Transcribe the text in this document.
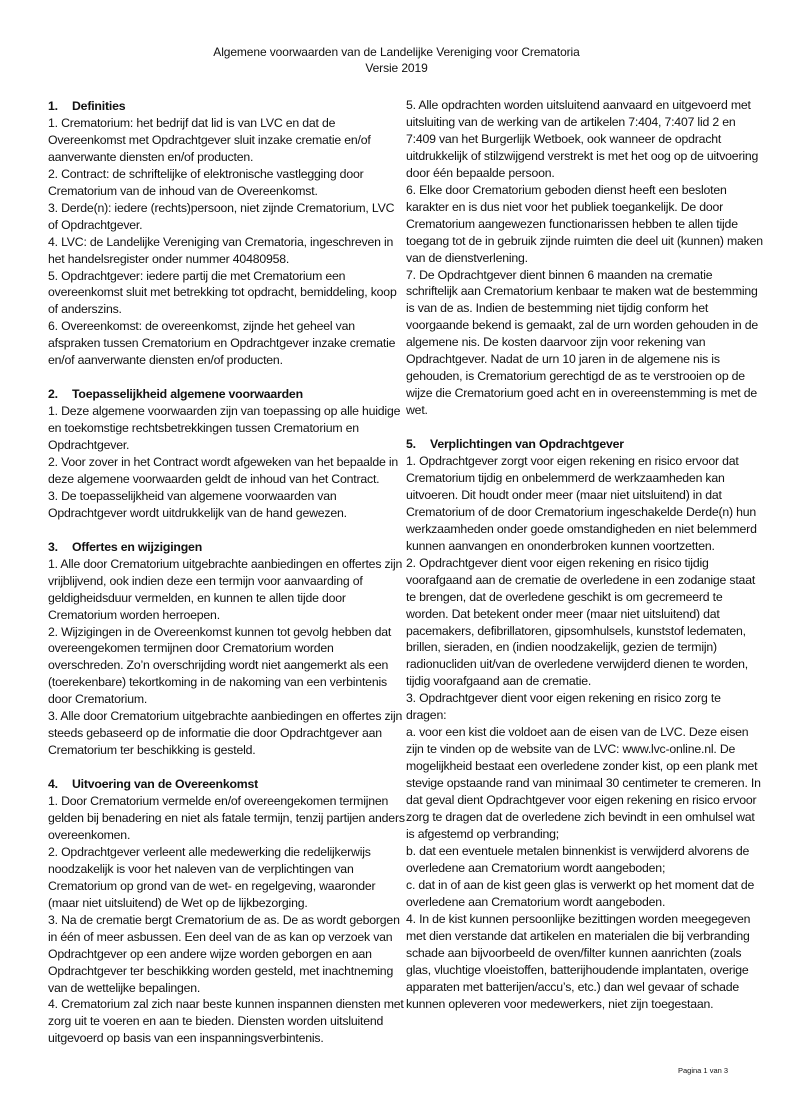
Algemene voorwaarden van de Landelijke Vereniging voor Crematoria
Versie 2019
1.	Definities

1. Crematorium: het bedrijf dat lid is van LVC en dat de Overeenkomst met Opdrachtgever sluit inzake crematie en/of aanverwante diensten en/of producten.

2. Contract: de schriftelijke of elektronische vastlegging door Crematorium van de inhoud van de Overeenkomst.

3. Derde(n): iedere (rechts)persoon, niet zijnde Crematorium, LVC of Opdrachtgever.

4. LVC: de Landelijke Vereniging van Crematoria, ingeschreven in het handelsregister onder nummer 40480958.

5. Opdrachtgever: iedere partij die met Crematorium een overeenkomst sluit met betrekking tot opdracht, bemiddeling, koop of anderszins.

6. Overeenkomst: de overeenkomst, zijnde het geheel van afspraken tussen Crematorium en Opdrachtgever inzake crematie en/of aanverwante diensten en/of producten.

2.	Toepasselijkheid algemene voorwaarden

1. Deze algemene voorwaarden zijn van toepassing op alle huidige en toekomstige rechtsbetrekkingen tussen Crematorium en Opdrachtgever.

2. Voor zover in het Contract wordt afgeweken van het bepaalde in deze algemene voorwaarden geldt de inhoud van het Contract.

3. De toepasselijkheid van algemene voorwaarden van Opdrachtgever wordt uitdrukkelijk van de hand gewezen.

3.	Offertes en wijzigingen

1. Alle door Crematorium uitgebrachte aanbiedingen en offertes zijn vrijblijvend, ook indien deze een termijn voor aanvaarding of geldigheidsduur vermelden, en kunnen te allen tijde door Crematorium worden herroepen.

2. Wijzigingen in de Overeenkomst kunnen tot gevolg hebben dat overeengekomen termijnen door Crematorium worden overschreden. Zo’n overschrijding wordt niet aangemerkt als een (toerekenbare) tekortkoming in de nakoming van een verbintenis door Crematorium.

3. Alle door Crematorium uitgebrachte aanbiedingen en offertes zijn steeds gebaseerd op de informatie die door Opdrachtgever aan Crematorium ter beschikking is gesteld.

4.	Uitvoering van de Overeenkomst

1. Door Crematorium vermelde en/of overeengekomen termijnen gelden bij benadering en niet als fatale termijn, tenzij partijen anders overeenkomen.

2. Opdrachtgever verleent alle medewerking die redelijkerwijs noodzakelijk is voor het naleven van de verplichtingen van Crematorium op grond van de wet- en regelgeving, waaronder (maar niet uitsluitend) de Wet op de lijkbezorging.

3. Na de crematie bergt Crematorium de as. De as wordt geborgen in één of meer asbussen. Een deel van de as kan op verzoek van Opdrachtgever op een andere wijze worden geborgen en aan Opdrachtgever ter beschikking worden gesteld, met inachtneming van de wettelijke bepalingen.

4. Crematorium zal zich naar beste kunnen inspannen diensten met zorg uit te voeren en aan te bieden. Diensten worden uitsluitend uitgevoerd op basis van een inspanningsverbintenis.

5. Alle opdrachten worden uitsluitend aanvaard en uitgevoerd met uitsluiting van de werking van de artikelen 7:404, 7:407 lid 2 en 7:409 van het Burgerlijk Wetboek, ook wanneer de opdracht uitdrukkelijk of stilzwijgend verstrekt is met het oog op de uitvoering door één bepaalde persoon.

6. Elke door Crematorium geboden dienst heeft een besloten karakter en is dus niet voor het publiek toegankelijk. De door Crematorium aangewezen functionarissen hebben te allen tijde toegang tot de in gebruik zijnde ruimten die deel uit (kunnen) maken van de dienstverlening.

7. De Opdrachtgever dient binnen 6 maanden na crematie schriftelijk aan Crematorium kenbaar te maken wat de bestemming is van de as. Indien de bestemming niet tijdig conform het voorgaande bekend is gemaakt, zal de urn worden gehouden in de algemene nis. De kosten daarvoor zijn voor rekening van Opdrachtgever. Nadat de urn 10 jaren in de algemene nis is gehouden, is Crematorium gerechtigd de as te verstrooien op de wijze die Crematorium goed acht en in overeenstemming is met de wet.

5.	Verplichtingen van Opdrachtgever

1. Opdrachtgever zorgt voor eigen rekening en risico ervoor dat Crematorium tijdig en onbelemmerd de werkzaamheden kan uitvoeren. Dit houdt onder meer (maar niet uitsluitend) in dat Crematorium of de door Crematorium ingeschakelde Derde(n) hun werkzaamheden onder goede omstandigheden en niet belemmerd kunnen aanvangen en ononderbroken kunnen voortzetten.

2. Opdrachtgever dient voor eigen rekening en risico tijdig voorafgaand aan de crematie de overledene in een zodanige staat te brengen, dat de overledene geschikt is om gecremeerd te worden. Dat betekent onder meer (maar niet uitsluitend) dat pacemakers, defibrillatoren, gipsomhulsels, kunststof ledematen, brillen, sieraden, en (indien noodzakelijk, gezien de termijn) radionucliden uit/van de overledene verwijderd dienen te worden, tijdig voorafgaand aan de crematie.

3. Opdrachtgever dient voor eigen rekening en risico zorg te dragen:

a. voor een kist die voldoet aan de eisen van de LVC. Deze eisen zijn te vinden op de website van de LVC: www.lvc-online.nl. De mogelijkheid bestaat een overledene zonder kist, op een plank met stevige opstaande rand van minimaal 30 centimeter te cremeren. In dat geval dient Opdrachtgever voor eigen rekening en risico ervoor zorg te dragen dat de overledene zich bevindt in een omhulsel wat is afgestemd op verbranding;

b. dat een eventuele metalen binnenkist is verwijderd alvorens de overledene aan Crematorium wordt aangeboden;

c. dat in of aan de kist geen glas is verwerkt op het moment dat de overledene aan Crematorium wordt aangeboden.

4. In de kist kunnen persoonlijke bezittingen worden meegegeven met dien verstande dat artikelen en materialen die bij verbranding schade aan bijvoorbeeld de oven/filter kunnen aanrichten (zoals glas, vluchtige vloeistoffen, batterijhoudende implantaten, overige apparaten met batterijen/accu’s, etc.) dan wel gevaar of schade kunnen opleveren voor medewerkers, niet zijn toegestaan.

Pagina 1 van 3
